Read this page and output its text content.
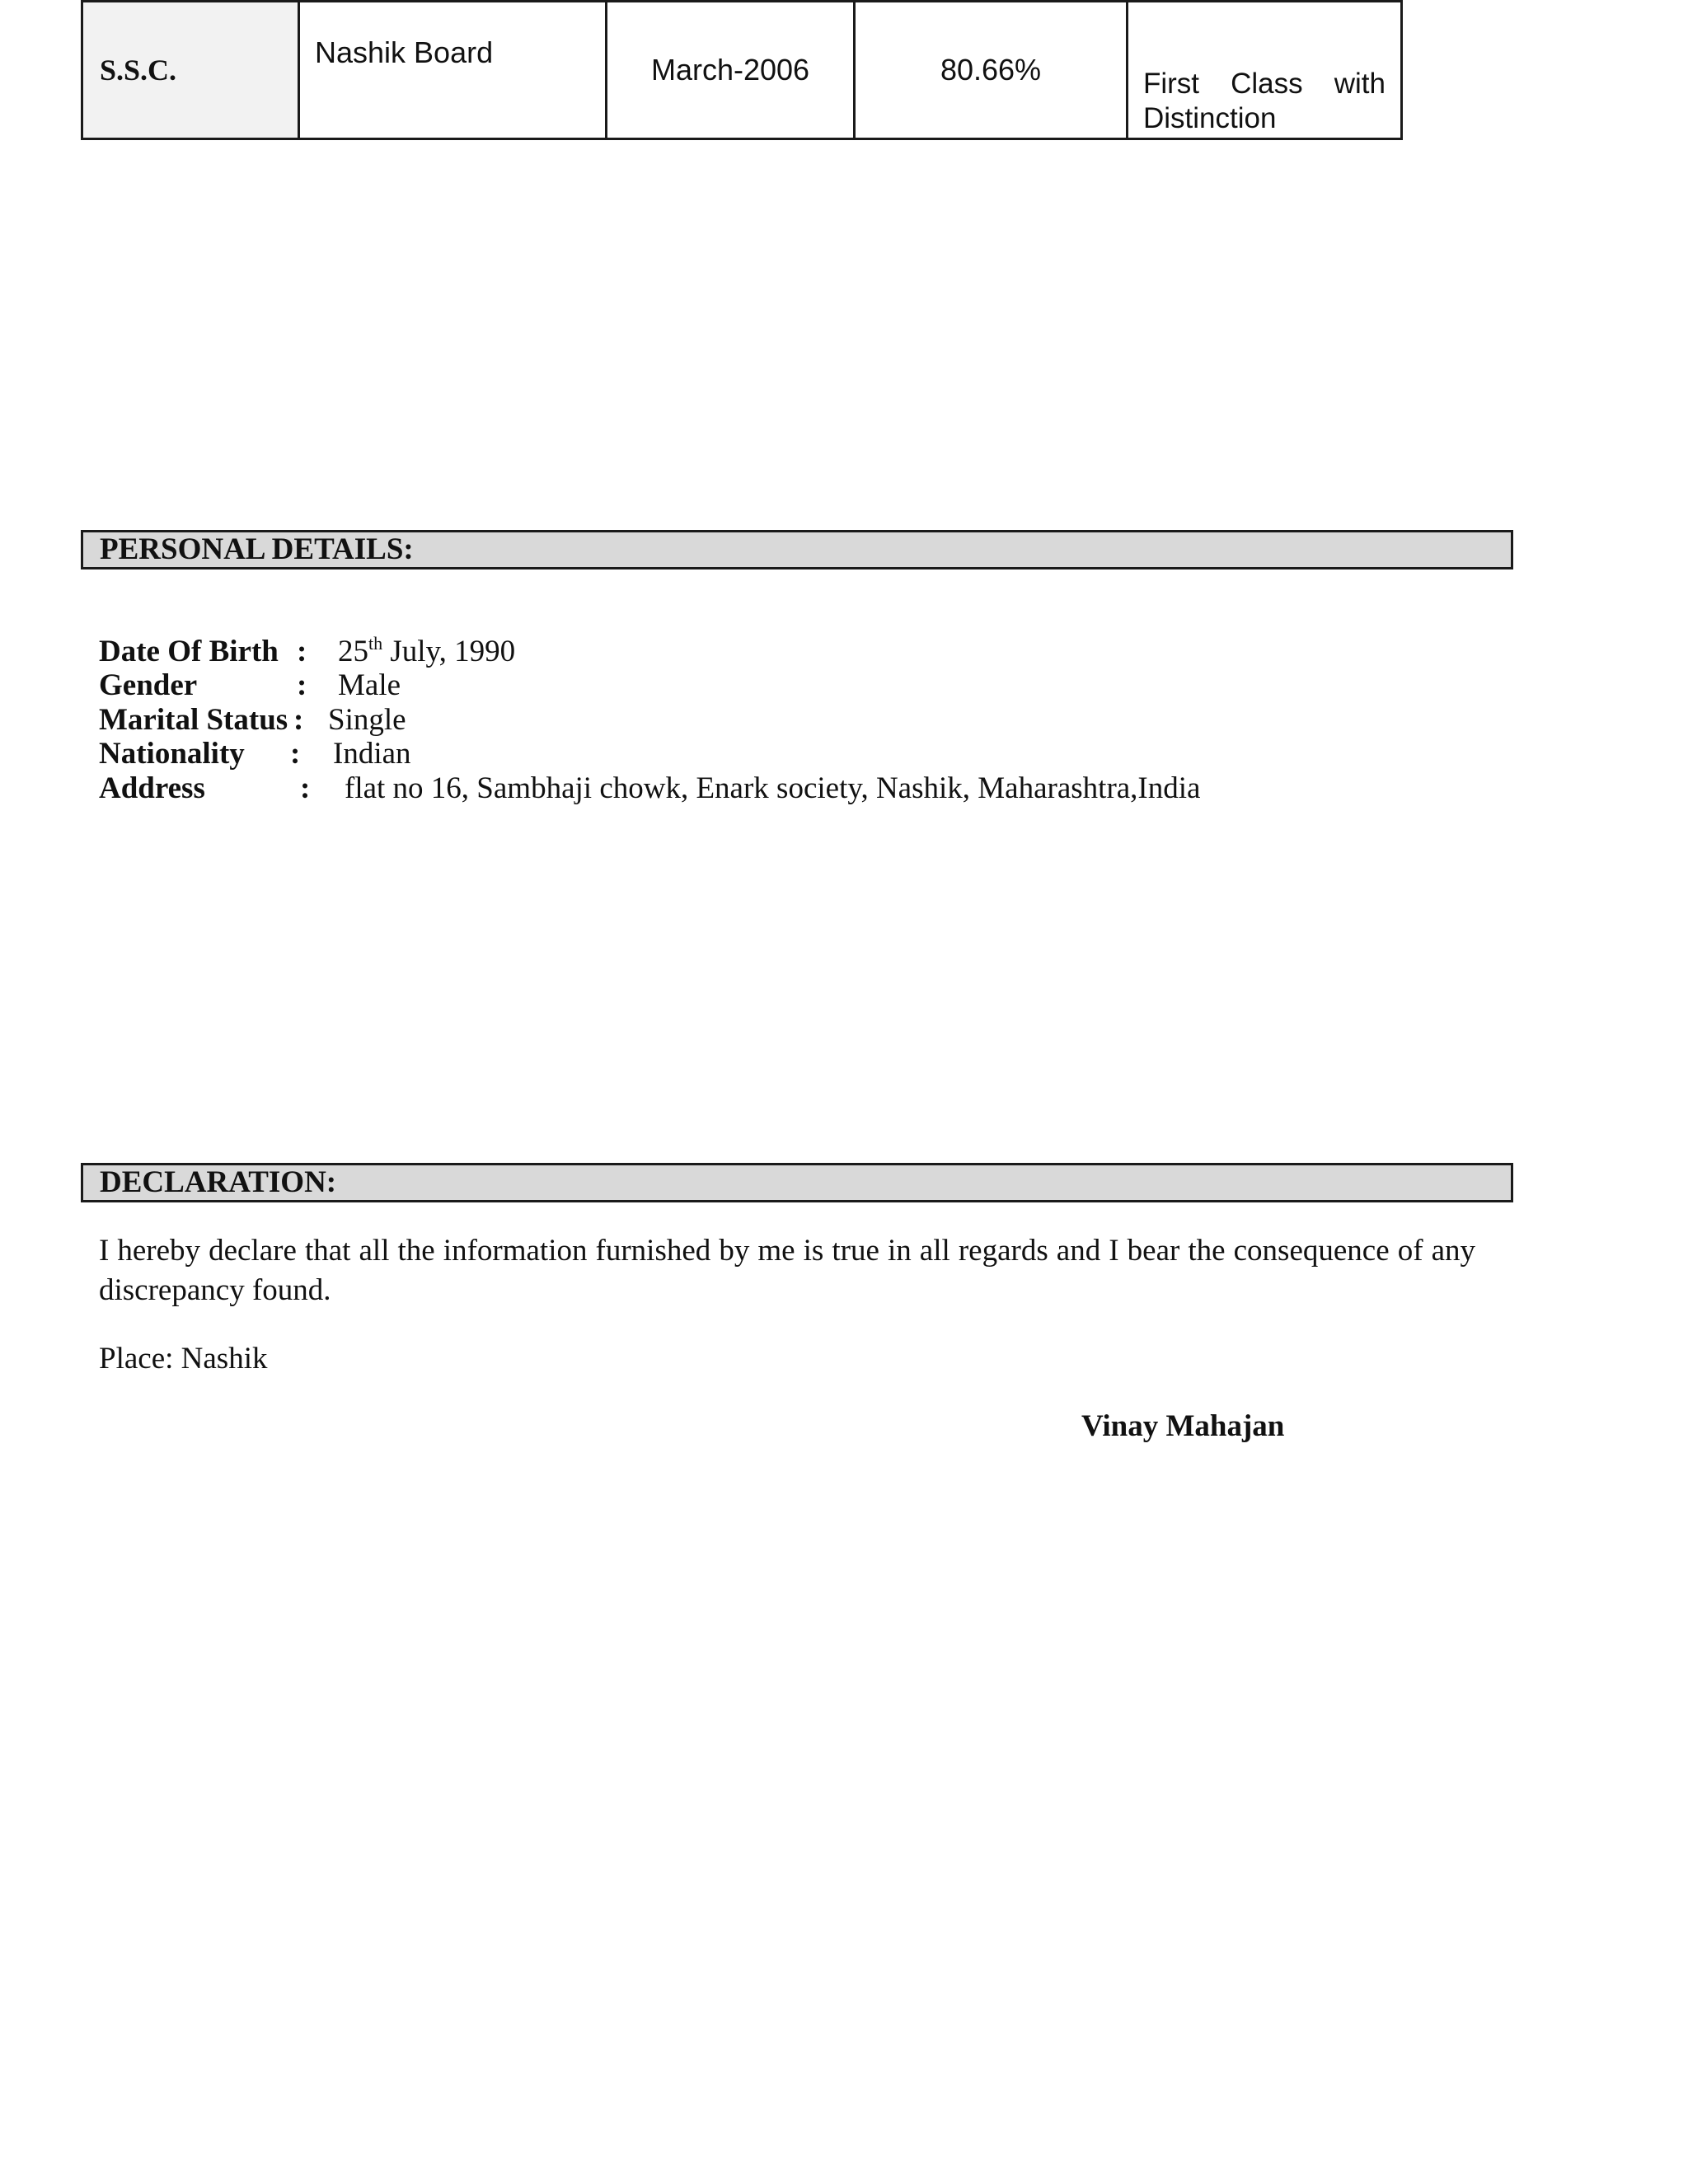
S.S.C.	Nashik Board	March-2006	80.66%	First Class with Distinction
PERSONAL DETAILS:
Date Of Birth : 25th July, 1990
Gender	: Male
Marital Status : Single
Nationality : Indian
Address	: flat no 16, Sambhaji chowk, Enark society, Nashik, Maharashtra,India
DECLARATION:
I hereby declare that all the information furnished by me is true in all regards and I bear the consequence of any discrepancy found.
Place: Nashik
Vinay Mahajan
